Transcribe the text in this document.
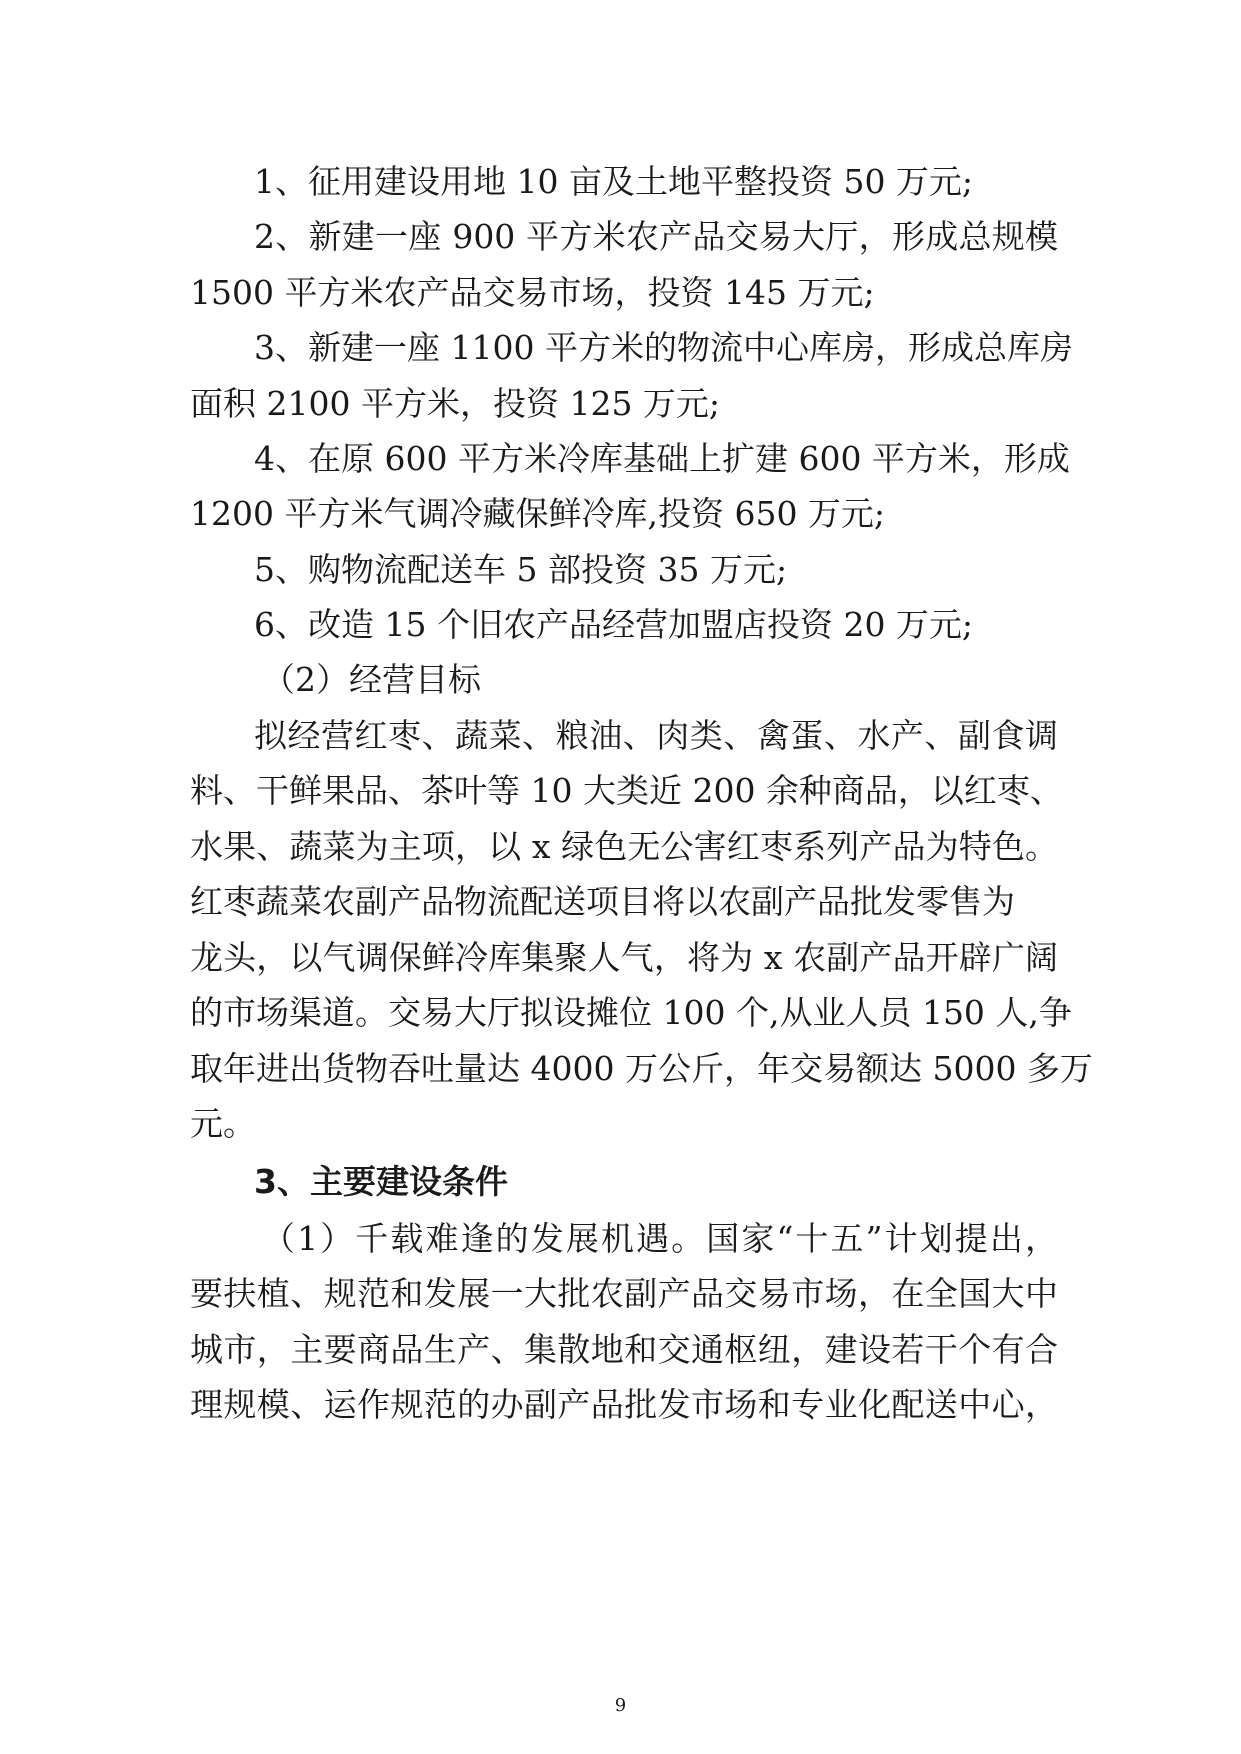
1、征用建设用地 10 亩及土地平整投资 50 万元;
2、新建一座 900 平方米农产品交易大厅，形成总规模
1500 平方米农产品交易市场，投资 145 万元;
3、新建一座 1100 平方米的物流中心库房，形成总库房
面积 2100 平方米，投资 125 万元;
4、在原 600 平方米冷库基础上扩建 600 平方米，形成
1200 平方米气调冷藏保鲜冷库,投资 650 万元;
5、购物流配送车 5 部投资 35 万元;
6、改造 15 个旧农产品经营加盟店投资 20 万元;
（2）经营目标
拟经营红枣、蔬菜、粮油、肉类、禽蛋、水产、副食调
料、干鲜果品、茶叶等 10 大类近 200 余种商品，以红枣、
水果、蔬菜为主项，以 x 绿色无公害红枣系列产品为特色。
红枣蔬菜农副产品物流配送项目将以农副产品批发零售为
龙头，以气调保鲜冷库集聚人气，将为 x 农副产品开辟广阔
的市场渠道。交易大厅拟设摊位 100 个,从业人员 150 人,争
取年进出货物吞吐量达 4000 万公斤，年交易额达 5000 多万
元。
3、主要建设条件
（1）千载难逢的发展机遇。国家“十五”计划提出，
要扶植、规范和发展一大批农副产品交易市场，在全国大中
城市，主要商品生产、集散地和交通枢纽，建设若干个有合
理规模、运作规范的办副产品批发市场和专业化配送中心，
9
